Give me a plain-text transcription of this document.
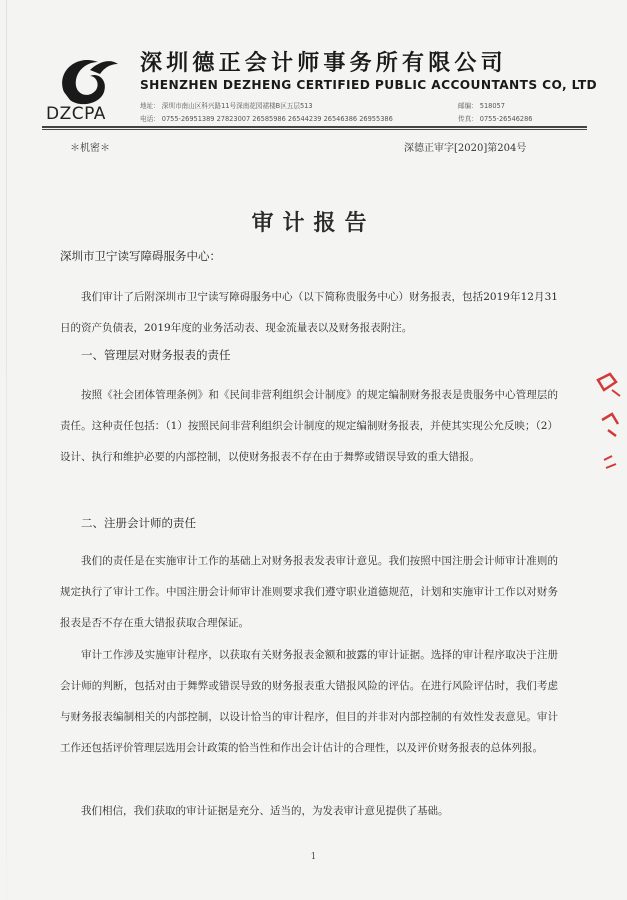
DZCPA
深圳德正会计师事务所有限公司
SHENZHEN DEZHENG CERTIFIED PUBLIC ACCOUNTANTS CO, LTD
地址： 深圳市南山区科兴路11号深南花园裙楼B区五层513	邮编： 518057
电话： 0755-26951389 27823007 26585986 26544239 26546386 26955386	传真： 0755-26546286
＊机密＊	深德正审字[2020]第204号
审计报告
深圳市卫宁读写障碍服务中心：

我们审计了后附深圳市卫宁读写障碍服务中心（以下简称贵服务中心）财务报表，包括2019年12月31日的资产负债表，2019年度的业务活动表、现金流量表以及财务报表附注。

一、管理层对财务报表的责任

按照《社会团体管理条例》和《民间非营利组织会计制度》的规定编制财务报表是贵服务中心管理层的责任。这种责任包括：（1）按照民间非营利组织会计制度的规定编制财务报表，并使其实现公允反映；（2）设计、执行和维护必要的内部控制，以使财务报表不存在由于舞弊或错误导致的重大错报。

二、注册会计师的责任

我们的责任是在实施审计工作的基础上对财务报表发表审计意见。我们按照中国注册会计师审计准则的规定执行了审计工作。中国注册会计师审计准则要求我们遵守职业道德规范，计划和实施审计工作以对财务报表是否不存在重大错报获取合理保证。

审计工作涉及实施审计程序，以获取有关财务报表金额和披露的审计证据。选择的审计程序取决于注册会计师的判断，包括对由于舞弊或错误导致的财务报表重大错报风险的评估。在进行风险评估时，我们考虑与财务报表编制相关的内部控制，以设计恰当的审计程序，但目的并非对内部控制的有效性发表意见。审计工作还包括评价管理层选用会计政策的恰当性和作出会计估计的合理性，以及评价财务报表的总体列报。

我们相信，我们获取的审计证据是充分、适当的，为发表审计意见提供了基础。

1
